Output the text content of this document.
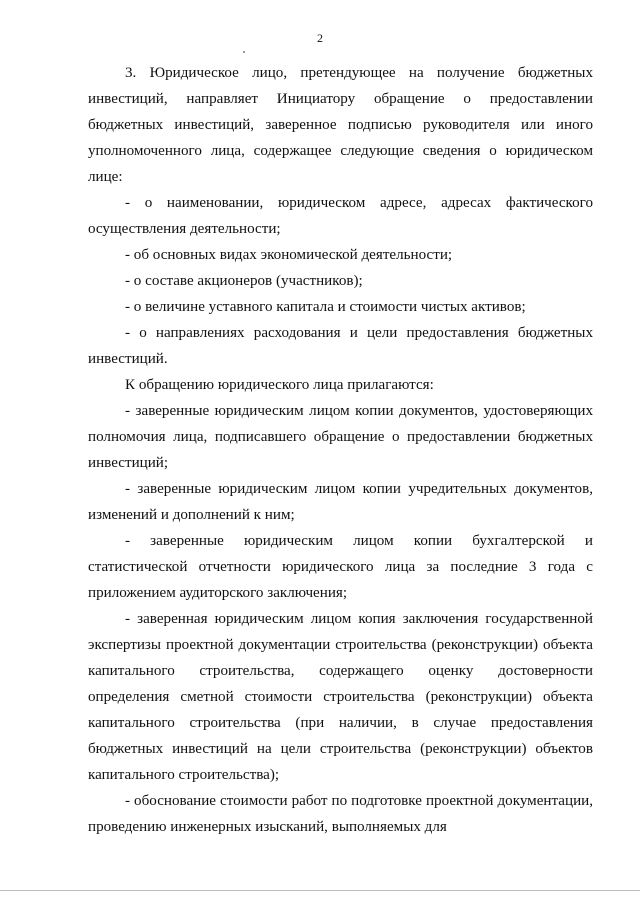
2

3. Юридическое лицо, претендующее на получение бюджетных инвестиций, направляет Инициатору обращение о предоставлении бюджетных инвестиций, заверенное подписью руководителя или иного уполномоченного лица, содержащее следующие сведения о юридическом лице:

- о наименовании, юридическом адресе, адресах фактического осуществления деятельности;

- об основных видах экономической деятельности;

- о составе акционеров (участников);

- о величине уставного капитала и стоимости чистых активов;

- о направлениях расходования и цели предоставления бюджетных инвестиций.

К обращению юридического лица прилагаются:

- заверенные юридическим лицом копии документов, удостоверяющих полномочия лица, подписавшего обращение о предоставлении бюджетных инвестиций;

- заверенные юридическим лицом копии учредительных документов, изменений и дополнений к ним;

- заверенные юридическим лицом копии бухгалтерской и статистической отчетности юридического лица за последние 3 года с приложением аудиторского заключения;

- заверенная юридическим лицом копия заключения государственной экспертизы проектной документации строительства (реконструкции) объекта капитального строительства, содержащего оценку достоверности определения сметной стоимости строительства (реконструкции) объекта капитального строительства (при наличии, в случае предоставления бюджетных инвестиций на цели строительства (реконструкции) объектов капитального строительства);

- обоснование стоимости работ по подготовке проектной документации, проведению инженерных изысканий, выполняемых для
